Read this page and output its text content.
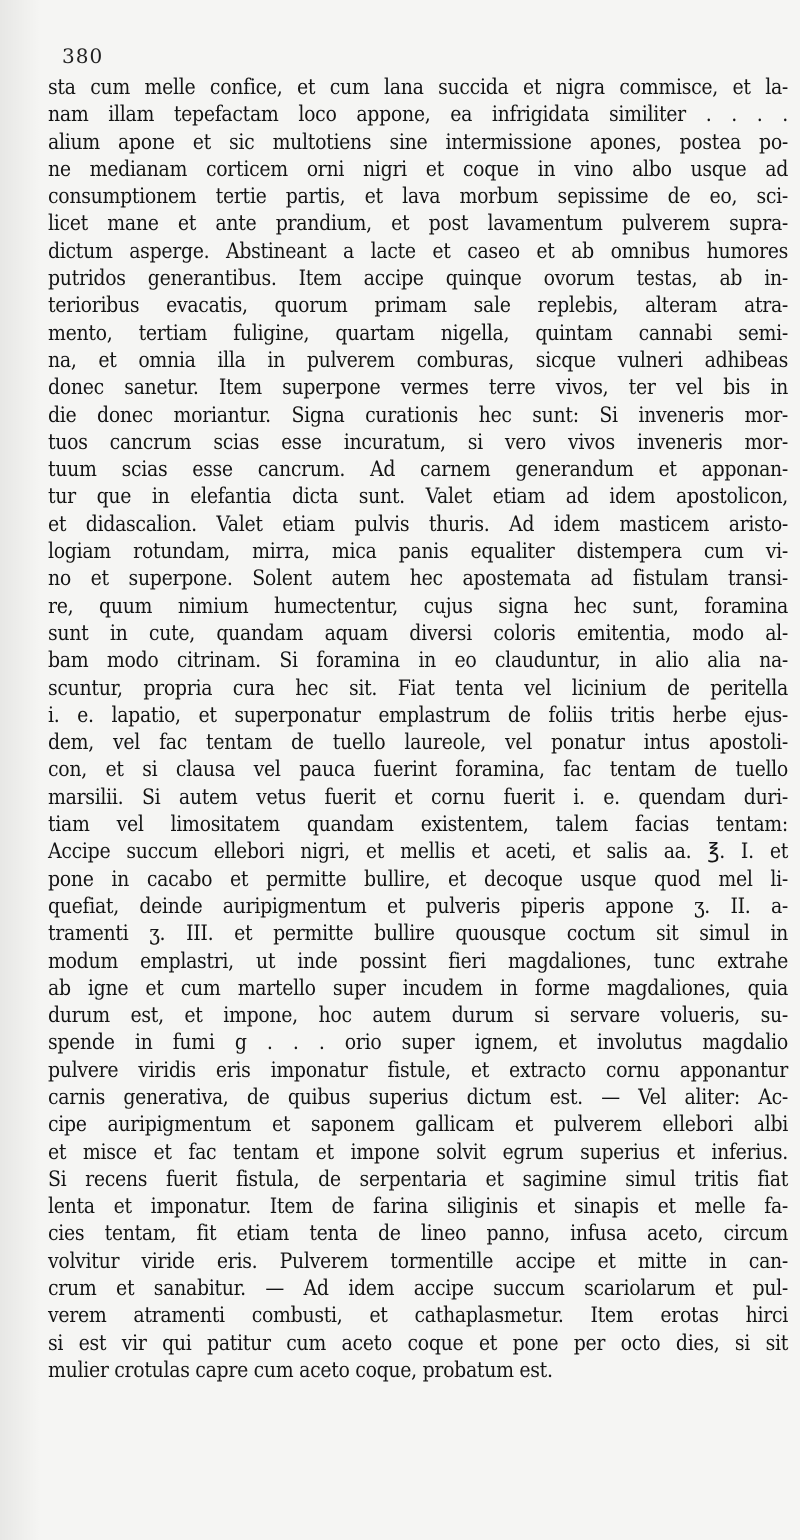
380
sta cum melle confice, et cum lana succida et nigra commisce, et la-
nam illam tepefactam loco appone, ea infrigidata similiter . . . .
alium apone et sic multotiens sine intermissione apones, postea po-
ne medianam corticem orni nigri et coque in vino albo usque ad
consumptionem tertie partis, et lava morbum sepissime de eo, sci-
licet mane et ante prandium, et post lavamentum pulverem supra-
dictum asperge. Abstineant a lacte et caseo et ab omnibus humores
putridos generantibus. Item accipe quinque ovorum testas, ab in-
terioribus evacatis, quorum primam sale replebis, alteram atra-
mento, tertiam fuligine, quartam nigella, quintam cannabi semi-
na, et omnia illa in pulverem comburas, sicque vulneri adhibeas
donec sanetur. Item superpone vermes terre vivos, ter vel bis in
die donec moriantur. Signa curationis hec sunt: Si inveneris mor-
tuos cancrum scias esse incuratum, si vero vivos inveneris mor-
tuum scias esse cancrum. Ad carnem generandum et apponan-
tur que in elefantia dicta sunt. Valet etiam ad idem apostolicon,
et didascalion. Valet etiam pulvis thuris. Ad idem masticem aristo-
logiam rotundam, mirra, mica panis equaliter distempera cum vi-
no et superpone. Solent autem hec apostemata ad fistulam transi-
re, quum nimium humectentur, cujus signa hec sunt, foramina
sunt in cute, quandam aquam diversi coloris emitentia, modo al-
bam modo citrinam. Si foramina in eo clauduntur, in alio alia na-
scuntur, propria cura hec sit. Fiat tenta vel licinium de peritella
i. e. lapatio, et superponatur emplastrum de foliis tritis herbe ejus-
dem, vel fac tentam de tuello laureole, vel ponatur intus apostoli-
con, et si clausa vel pauca fuerint foramina, fac tentam de tuello
marsilii. Si autem vetus fuerit et cornu fuerit i. e. quendam duri-
tiam vel limositatem quandam existentem, talem facias tentam:
Accipe succum ellebori nigri, et mellis et aceti, et salis aa. ℥. I. et
pone in cacabo et permitte bullire, et decoque usque quod mel li-
quefiat, deinde auripigmentum et pulveris piperis appone ʒ. II. a-
tramenti ʒ. III. et permitte bullire quousque coctum sit simul in
modum emplastri, ut inde possint fieri magdaliones, tunc extrahe
ab igne et cum martello super incudem in forme magdaliones, quia
durum est, et impone, hoc autem durum si servare volueris, su-
spende in fumi g . . . orio super ignem, et involutus magdalio
pulvere viridis eris imponatur fistule, et extracto cornu apponantur
carnis generativa, de quibus superius dictum est. — Vel aliter: Ac-
cipe auripigmentum et saponem gallicam et pulverem ellebori albi
et misce et fac tentam et impone solvit egrum superius et inferius.
Si recens fuerit fistula, de serpentaria et sagimine simul tritis fiat
lenta et imponatur. Item de farina siliginis et sinapis et melle fa-
cies tentam, fit etiam tenta de lineo panno, infusa aceto, circum
volvitur viride eris. Pulverem tormentille accipe et mitte in can-
crum et sanabitur. — Ad idem accipe succum scariolarum et pul-
verem atramenti combusti, et cathaplasmetur. Item erotas hirci
si est vir qui patitur cum aceto coque et pone per octo dies, si sit
mulier crotulas capre cum aceto coque, probatum est.
